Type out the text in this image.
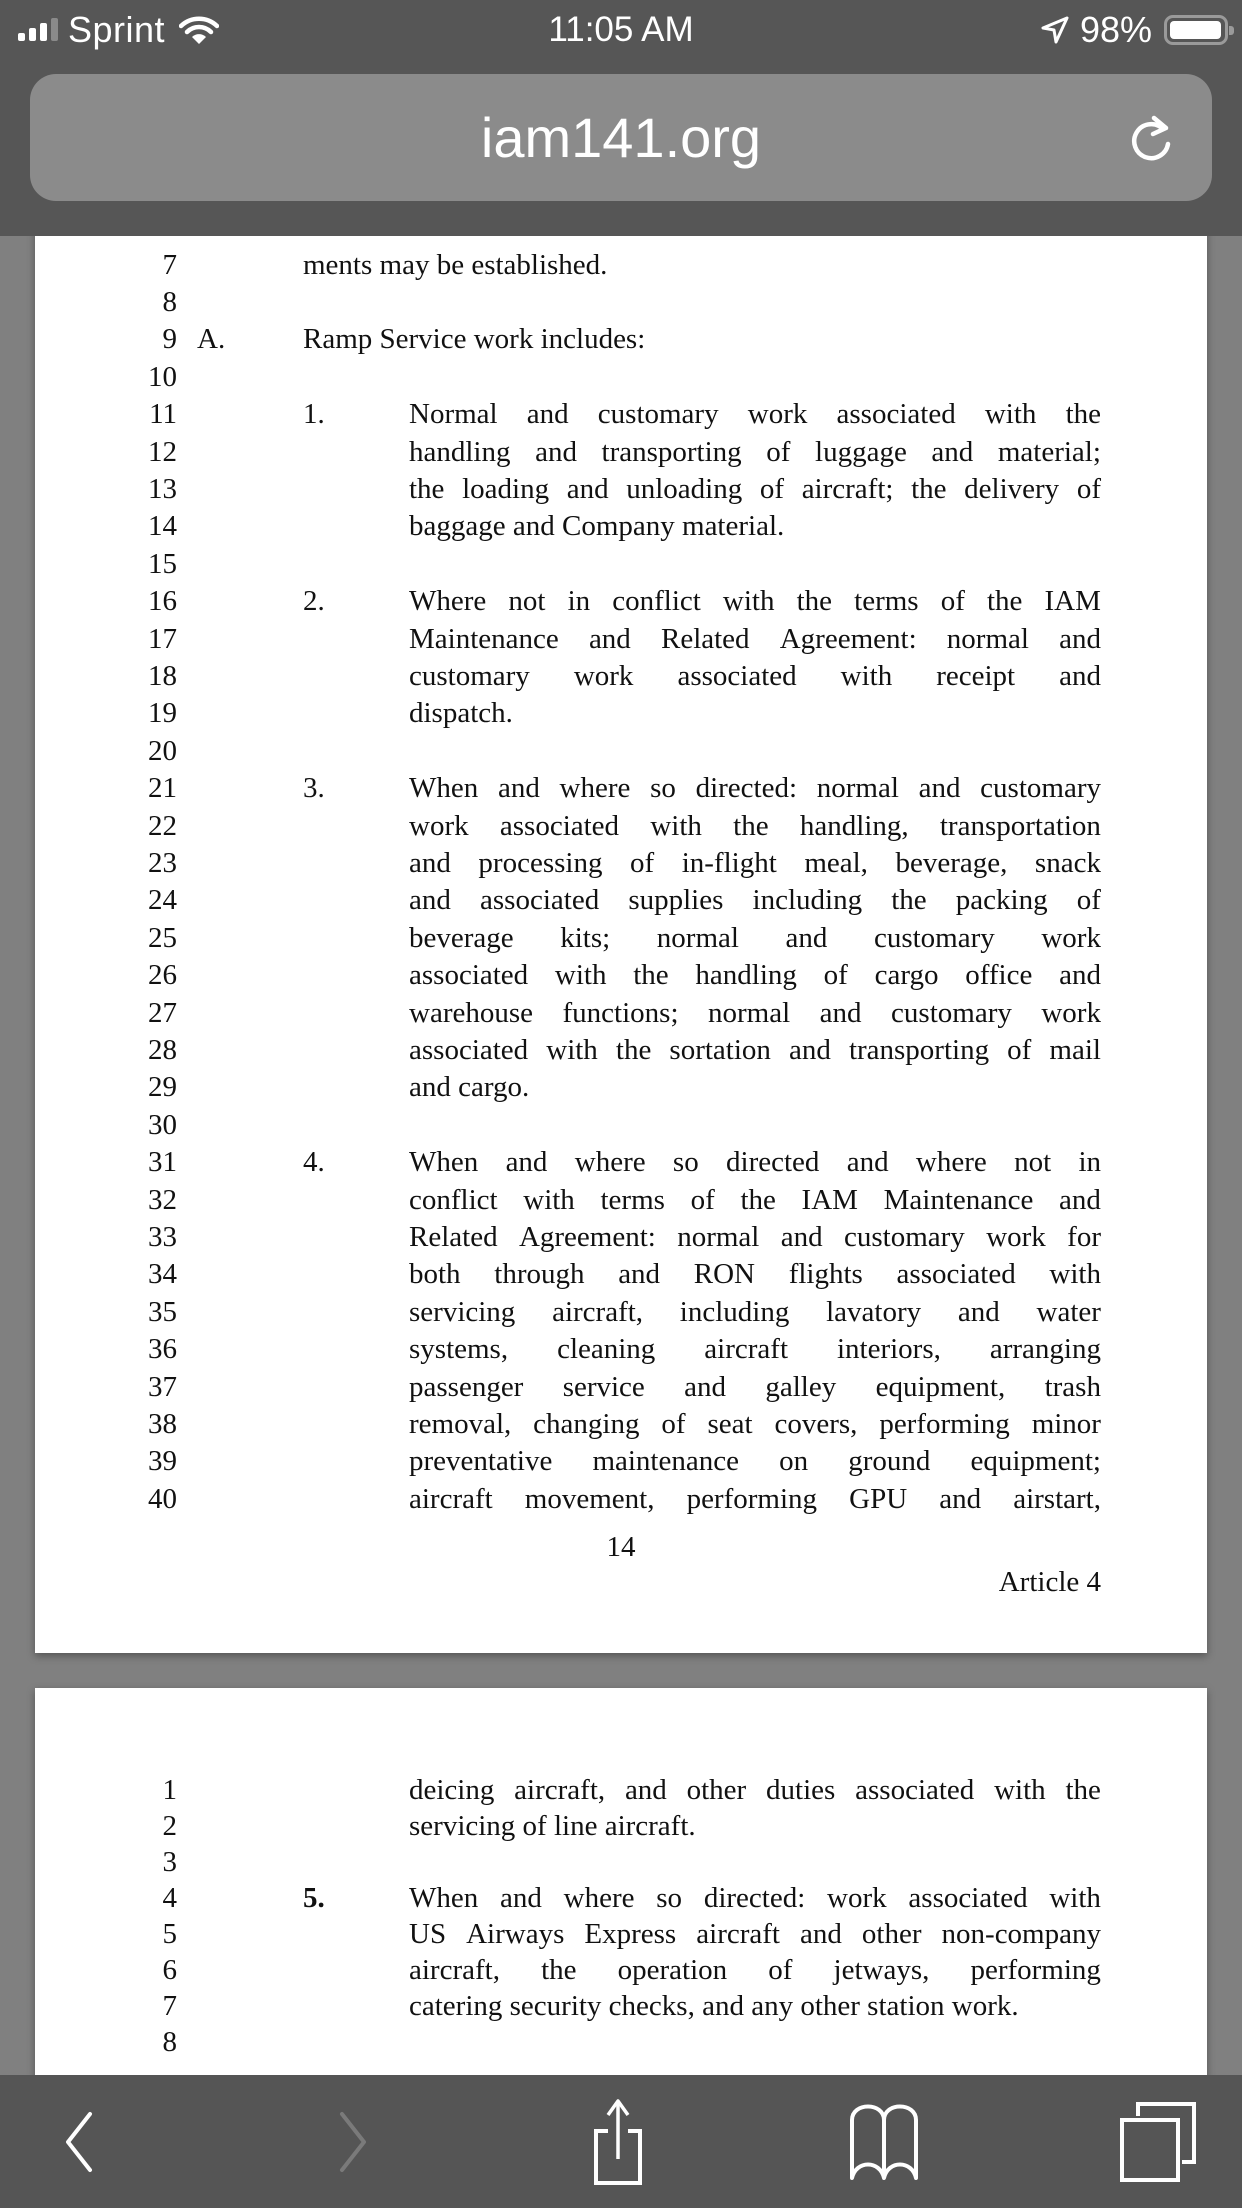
Sprint	11:05 AM	98%
iam141.org
7	ments may be established.
8
9 A.	Ramp Service work includes:
10
11	1.	Normal and customary work associated with the
12	handling and transporting of luggage and material;
13	the loading and unloading of aircraft; the delivery of
14	baggage and Company material.
15
16	2.	Where not in conflict with the terms of the IAM
17	Maintenance and Related Agreement: normal and
18	customary work associated with receipt and
19	dispatch.
20
21	3.	When and where so directed: normal and customary
22	work associated with the handling, transportation
23	and processing of in-flight meal, beverage, snack
24	and associated supplies including the packing of
25	beverage kits; normal and customary work
26	associated with the handling of cargo office and
27	warehouse functions; normal and customary work
28	associated with the sortation and transporting of mail
29	and cargo.
30
31	4.	When and where so directed and where not in
32	conflict with terms of the IAM Maintenance and
33	Related Agreement: normal and customary work for
34	both through and RON flights associated with
35	servicing aircraft, including lavatory and water
36	systems, cleaning aircraft interiors, arranging
37	passenger service and galley equipment, trash
38	removal, changing of seat covers, performing minor
39	preventative maintenance on ground equipment;
40	aircraft movement, performing GPU and airstart,
14
Article 4
1	deicing aircraft, and other duties associated with the
2	servicing of line aircraft.
3
4	5.	When and where so directed: work associated with
5	US Airways Express aircraft and other non-company
6	aircraft, the operation of jetways, performing
7	catering security checks, and any other station work.
8
